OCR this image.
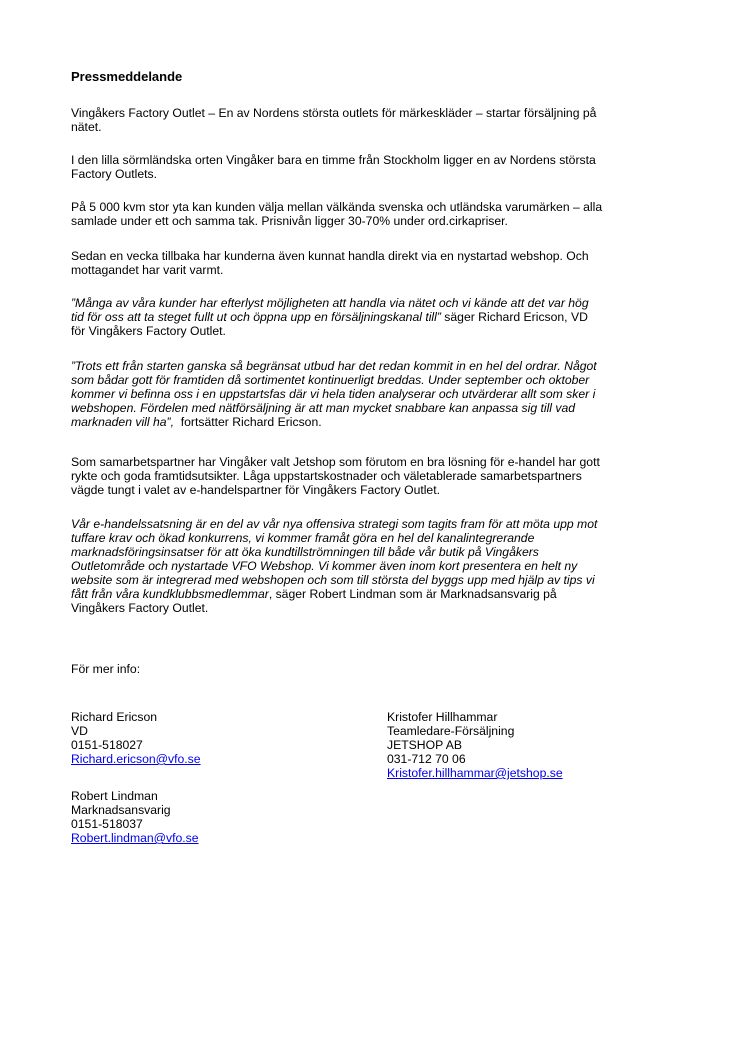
Pressmeddelande

Vingåkers Factory Outlet – En av Nordens största outlets för märkeskläder – startar försäljning på
nätet.

I den lilla sörmländska orten Vingåker bara en timme från Stockholm ligger en av Nordens största
Factory Outlets.

På 5 000 kvm stor yta kan kunden välja mellan välkända svenska och utländska varumärken – alla
samlade under ett och samma tak. Prisnivån ligger 30-70% under ord.cirkapriser.

Sedan en vecka tillbaka har kunderna även kunnat handla direkt via en nystartad webshop. Och
mottagandet har varit varmt.

”Många av våra kunder har efterlyst möjligheten att handla via nätet och vi kände att det var hög
tid för oss att ta steget fullt ut och öppna upp en försäljningskanal till” säger Richard Ericson, VD
för Vingåkers Factory Outlet.

”Trots ett från starten ganska så begränsat utbud har det redan kommit in en hel del ordrar. Något
som bådar gott för framtiden då sortimentet kontinuerligt breddas. Under september och oktober
kommer vi befinna oss i en uppstartsfas där vi hela tiden analyserar och utvärderar allt som sker i
webshopen. Fördelen med nätförsäljning är att man mycket snabbare kan anpassa sig till vad
marknaden vill ha”,  fortsätter Richard Ericson.

Som samarbetspartner har Vingåker valt Jetshop som förutom en bra lösning för e-handel har gott
rykte och goda framtidsutsikter. Låga uppstartskostnader och väletablerade samarbetspartners
vägde tungt i valet av e-handelspartner för Vingåkers Factory Outlet.

Vår e-handelssatsning är en del av vår nya offensiva strategi som tagits fram för att möta upp mot
tuffare krav och ökad konkurrens, vi kommer framåt göra en hel del kanalintegrerande
marknadsföringsinsatser för att öka kundtillströmningen till både vår butik på Vingåkers
Outletområde och nystartade VFO Webshop. Vi kommer även inom kort presentera en helt ny
website som är integrerad med webshopen och som till största del byggs upp med hjälp av tips vi
fått från våra kundklubbsmedlemmar, säger Robert Lindman som är Marknadsansvarig på
Vingåkers Factory Outlet.

För mer info:

Richard Ericson
VD
0151-518027
Richard.ericson@vfo.se
Robert Lindman
Marknadsansvarig
0151-518037
Robert.lindman@vfo.se
Kristofer Hillhammar
Teamledare-Försäljning
JETSHOP AB
031-712 70 06
Kristofer.hillhammar@jetshop.se
